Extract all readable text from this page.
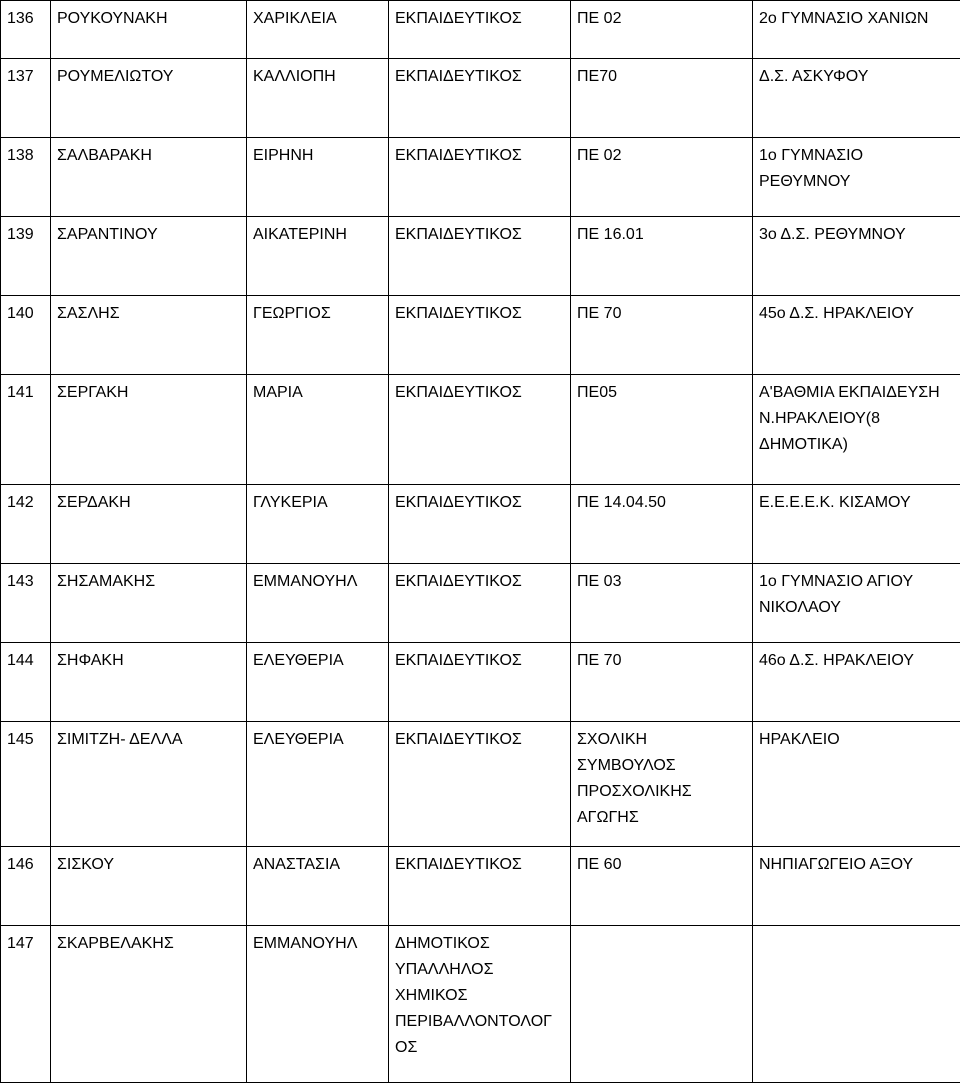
136	ΡΟΥΚΟΥΝΑΚΗ	ΧΑΡΙΚΛΕΙΑ	ΕΚΠΑΙΔΕΥΤΙΚΟΣ	ΠΕ 02	2ο ΓΥΜΝΑΣΙΟ ΧΑΝΙΩΝ
137	ΡΟΥΜΕΛΙΩΤΟΥ	ΚΑΛΛΙΟΠΗ	ΕΚΠΑΙΔΕΥΤΙΚΟΣ	ΠΕ70	Δ.Σ. ΑΣΚΥΦΟΥ
138	ΣΑΛΒΑΡΑΚΗ	ΕΙΡΗΝΗ	ΕΚΠΑΙΔΕΥΤΙΚΟΣ	ΠΕ 02	1ο ΓΥΜΝΑΣΙΟ ΡΕΘΥΜΝΟΥ
139	ΣΑΡΑΝΤΙΝΟΥ	ΑΙΚΑΤΕΡΙΝΗ	ΕΚΠΑΙΔΕΥΤΙΚΟΣ	ΠΕ 16.01	3ο Δ.Σ. ΡΕΘΥΜΝΟΥ
140	ΣΑΣΛΗΣ	ΓΕΩΡΓΙΟΣ	ΕΚΠΑΙΔΕΥΤΙΚΟΣ	ΠΕ 70	45ο Δ.Σ. ΗΡΑΚΛΕΙΟΥ
141	ΣΕΡΓΑΚΗ	ΜΑΡΙΑ	ΕΚΠΑΙΔΕΥΤΙΚΟΣ	ΠΕ05	Α'ΒΑΘΜΙΑ ΕΚΠΑΙΔΕΥΣΗ Ν.ΗΡΑΚΛΕΙΟΥ(8 ΔΗΜΟΤΙΚΑ)
142	ΣΕΡΔΑΚΗ	ΓΛΥΚΕΡΙΑ	ΕΚΠΑΙΔΕΥΤΙΚΟΣ	ΠΕ 14.04.50	Ε.Ε.Ε.Ε.Κ. ΚΙΣΑΜΟΥ
143	ΣΗΣΑΜΑΚΗΣ	ΕΜΜΑΝΟΥΗΛ	ΕΚΠΑΙΔΕΥΤΙΚΟΣ	ΠΕ 03	1ο ΓΥΜΝΑΣΙΟ ΑΓΙΟΥ ΝΙΚΟΛΑΟΥ
144	ΣΗΦΑΚΗ	ΕΛΕΥΘΕΡΙΑ	ΕΚΠΑΙΔΕΥΤΙΚΟΣ	ΠΕ 70	46ο Δ.Σ. ΗΡΑΚΛΕΙΟΥ
145	ΣΙΜΙΤΖΗ- ΔΕΛΛΑ	ΕΛΕΥΘΕΡΙΑ	ΕΚΠΑΙΔΕΥΤΙΚΟΣ	ΣΧΟΛΙΚΗ ΣΥΜΒΟΥΛΟΣ ΠΡΟΣΧΟΛΙΚΗΣ ΑΓΩΓΗΣ	ΗΡΑΚΛΕΙΟ
146	ΣΙΣΚΟΥ	ΑΝΑΣΤΑΣΙΑ	ΕΚΠΑΙΔΕΥΤΙΚΟΣ	ΠΕ 60	ΝΗΠΙΑΓΩΓΕΙΟ ΑΞΟΥ
147	ΣΚΑΡΒΕΛΑΚΗΣ	ΕΜΜΑΝΟΥΗΛ	ΔΗΜΟΤΙΚΟΣ ΥΠΑΛΛΗΛΟΣ ΧΗΜΙΚΟΣ ΠΕΡΙΒΑΛΛΟΝΤΟΛΟΓΟΣ		
